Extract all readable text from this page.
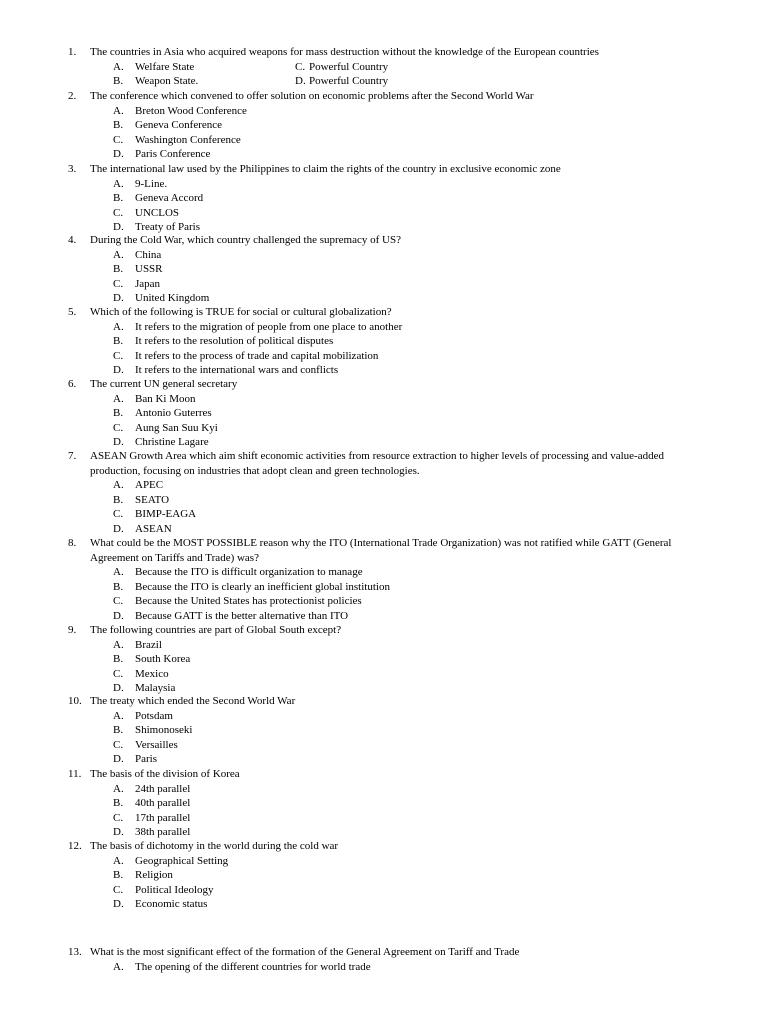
1. The countries in Asia who acquired weapons for mass destruction without the knowledge of the European countries
A. Welfare State	C. Powerful Country
B. Weapon State.	D. Powerful Country
2. The conference which convened to offer solution on economic problems after the Second World War
A. Breton Wood Conference
B. Geneva Conference
C. Washington Conference
D. Paris Conference
3. The international law used by the Philippines to claim the rights of the country in exclusive economic zone
A. 9-Line.
B. Geneva Accord
C. UNCLOS
D. Treaty of Paris
4. During the Cold War, which country challenged the supremacy of US?
A. China
B. USSR
C. Japan
D. United Kingdom
5. Which of the following is TRUE for social or cultural globalization?
A. It refers to the migration of people from one place to another
B. It refers to the resolution of political disputes
C. It refers to the process of trade and capital mobilization
D. It refers to the international wars and conflicts
6. The current UN general secretary
A. Ban Ki Moon
B. Antonio Guterres
C. Aung San Suu Kyi
D. Christine Lagare
7. ASEAN Growth Area which aim shift economic activities from resource extraction to higher levels of processing and value-added production, focusing on industries that adopt clean and green technologies.
A. APEC
B. SEATO
C. BIMP-EAGA
D. ASEAN
8. What could be the MOST POSSIBLE reason why the ITO (International Trade Organization) was not ratified while GATT (General Agreement on Tariffs and Trade) was?
A. Because the ITO is difficult organization to manage
B. Because the ITO is clearly an inefficient global institution
C. Because the United States has protectionist policies
D. Because GATT is the better alternative than ITO
9. The following countries are part of Global South except?
A. Brazil
B. South Korea
C. Mexico
D. Malaysia
10. The treaty which ended the Second World War
A. Potsdam
B. Shimonoseki
C. Versailles
D. Paris
11. The basis of the division of Korea
A. 24th parallel
B. 40th parallel
C. 17th parallel
D. 38th parallel
12. The basis of dichotomy in the world during the cold war
A. Geographical Setting
B. Religion
C. Political Ideology
D. Economic status
13. What is the most significant effect of the formation of the General Agreement on Tariff and Trade
A. The opening of the different countries for world trade
